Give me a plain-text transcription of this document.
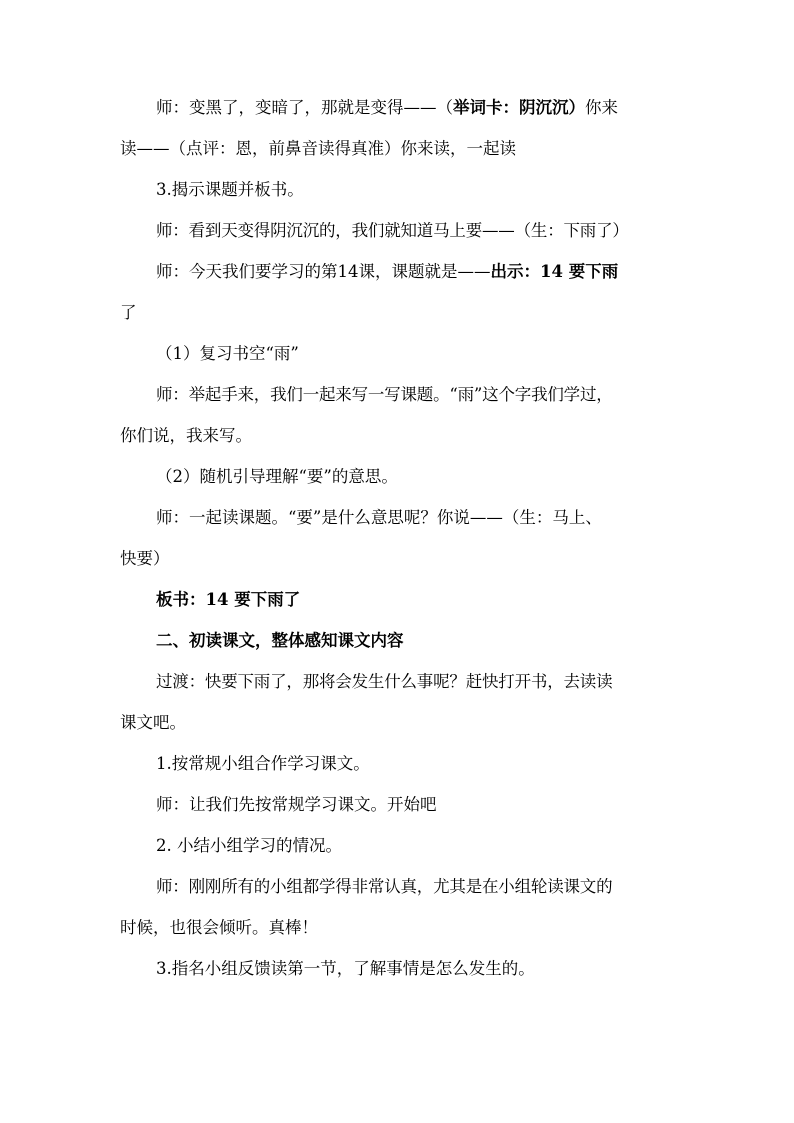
师：变黑了，变暗了，那就是变得——（举词卡：阴沉沉）你来
读——（点评：恩，前鼻音读得真准）你来读，一起读
3.揭示课题并板书。
师：看到天变得阴沉沉的，我们就知道马上要——（生：下雨了）
师：今天我们要学习的第14课，课题就是——出示：14 要下雨
了
（1）复习书空“雨”
师：举起手来，我们一起来写一写课题。“雨”这个字我们学过，
你们说，我来写。
（2）随机引导理解“要”的意思。
师：一起读课题。“要”是什么意思呢？你说——（生：马上、
快要）
板书：14 要下雨了
二、初读课文，整体感知课文内容
过渡：快要下雨了，那将会发生什么事呢？赶快打开书，去读读
课文吧。
1.按常规小组合作学习课文。
师：让我们先按常规学习课文。开始吧
2. 小结小组学习的情况。
师：刚刚所有的小组都学得非常认真，尤其是在小组轮读课文的
时候，也很会倾听。真棒！
3.指名小组反馈读第一节，了解事情是怎么发生的。
